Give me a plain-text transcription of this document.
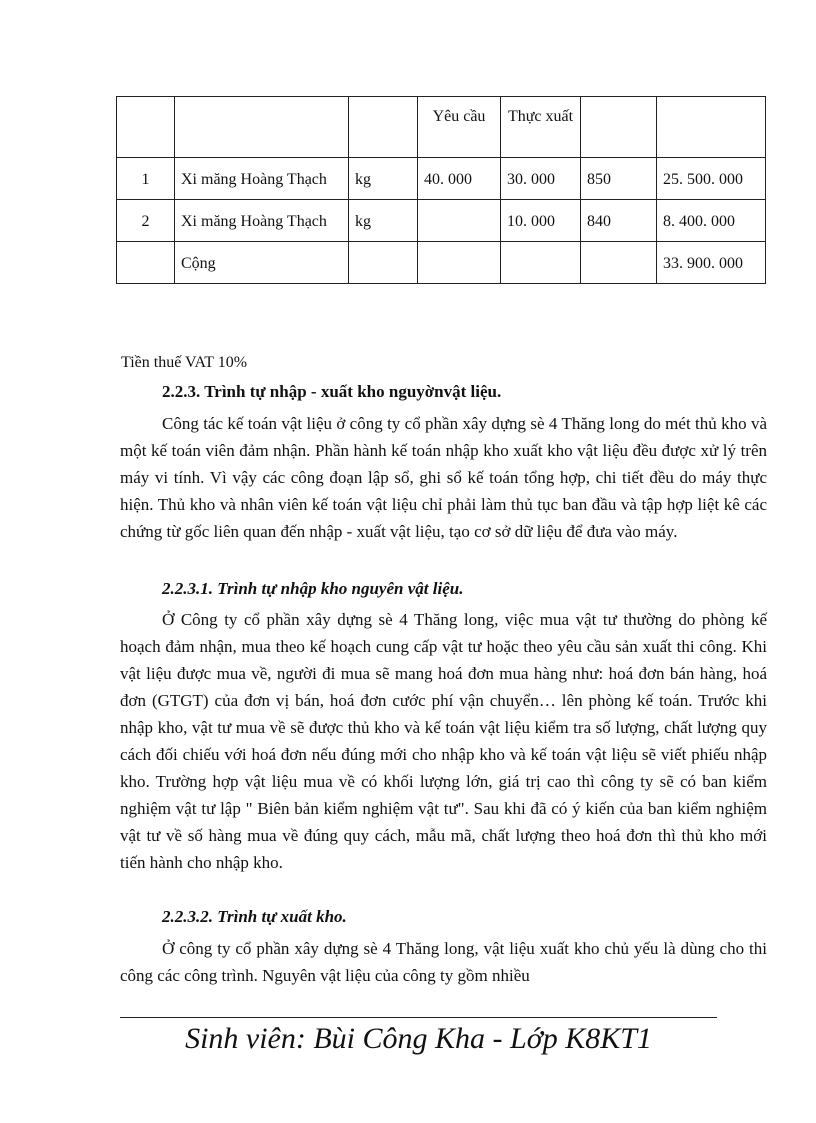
			Yêu cầu	Thực xuất		
1	Xi măng Hoàng Thạch	kg	40. 000	30. 000	850	25. 500. 000
2	Xi măng Hoàng Thạch	kg		10. 000	840	8. 400. 000
	Cộng					33. 900. 000
Tiền thuế VAT 10%
2.2.3. Trình tự nhập - xuất kho nguyờnvật liệu.

Công tác kế toán vật liệu ở công ty cổ phần xây dựng sè 4 Thăng long do mét thủ kho và một kế toán viên đảm nhận. Phần hành kế toán nhập kho xuất kho vật liệu đều được xử lý trên máy vi tính. Vì vậy các công đoạn lập sổ, ghi sổ kế toán tổng hợp, chi tiết đều do máy thực hiện. Thủ kho và nhân viên kế toán vật liệu chỉ phải làm thủ tục ban đầu và tập hợp liệt kê các chứng từ gốc liên quan đến nhập - xuất vật liệu, tạo cơ sở dữ liệu để đưa vào máy.

2.2.3.1. Trình tự nhập kho nguyên vật liệu.

Ở Công ty cổ phần xây dựng sè 4 Thăng long, việc mua vật tư thường do phòng kế hoạch đảm nhận, mua theo kế hoạch cung cấp vật tư hoặc theo yêu cầu sản xuất thi công. Khi vật liệu được mua về, người đi mua sẽ mang hoá đơn mua hàng như: hoá đơn bán hàng, hoá đơn (GTGT) của đơn vị bán, hoá đơn cước phí vận chuyển… lên phòng kế toán. Trước khi nhập kho, vật tư mua về sẽ được thủ kho và kế toán vật liệu kiểm tra số lượng, chất lượng quy cách đối chiếu với hoá đơn nếu đúng mới cho nhập kho và kế toán vật liệu sẽ viết phiếu nhập kho. Trường hợp vật liệu mua về có khối lượng lớn, giá trị cao thì công ty sẽ có ban kiểm nghiệm vật tư lập " Biên bản kiểm nghiệm vật tư". Sau khi đã có ý kiến của ban kiểm nghiệm vật tư về số hàng mua về đúng quy cách, mẫu mã, chất lượng theo hoá đơn thì thủ kho mới tiến hành cho nhập kho.

2.2.3.2. Trình tự xuất kho.

Ở công ty cổ phần xây dựng sè 4 Thăng long, vật liệu xuất kho chủ yếu là dùng cho thi công các công trình. Nguyên vật liệu của công ty gồm nhiều

Sinh viên: Bùi Công Kha - Lớp K8KT1
